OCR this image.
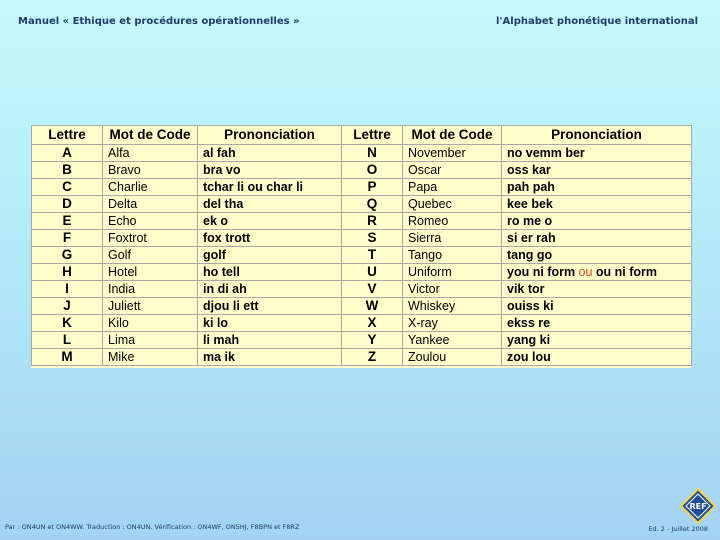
Manuel « Ethique et procédures opérationnelles »	l'Alphabet phonétique international
Lettre	Mot de Code	Prononciation	Lettre	Mot de Code	Prononciation
A	Alfa	al fah	N	November	no vemm ber
B	Bravo	bra vo	O	Oscar	oss kar
C	Charlie	tchar li ou char li	P	Papa	pah pah
D	Delta	del tha	Q	Quebec	kee bek
E	Echo	ek o	R	Romeo	ro me o
F	Foxtrot	fox trott	S	Sierra	si er rah
G	Golf	golf	T	Tango	tang go
H	Hotel	ho tell	U	Uniform	you ni form ou ou ni form
I	India	in di ah	V	Victor	vik tor
J	Juliett	djou li ett	W	Whiskey	ouiss ki
K	Kilo	ki lo	X	X-ray	ekss re
L	Lima	li mah	Y	Yankee	yang ki
M	Mike	ma ik	Z	Zoulou	zou lou
Par : ON4UN et ON4WW. Traduction : ON4UN. Vérification : ON4WF, ON5HJ, F8BPN et F8RZ
REF
Ed. 2 - Juillet 2008
